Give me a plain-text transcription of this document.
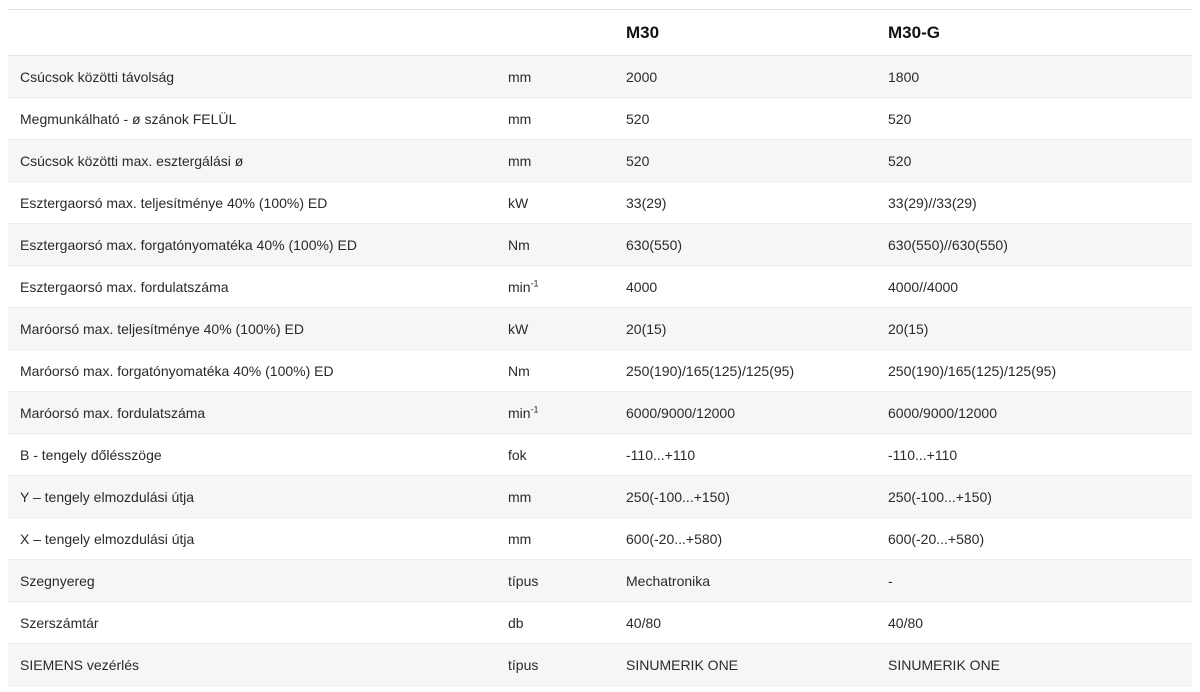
		M30	M30-G
Csúcsok közötti távolság	mm	2000	1800
Megmunkálható - ø szánok FELÜL	mm	520	520
Csúcsok közötti max. esztergálási ø	mm	520	520
Esztergaorsó max. teljesítménye 40% (100%) ED	kW	33(29)	33(29)//33(29)
Esztergaorsó max. forgatónyomatéka 40% (100%) ED	Nm	630(550)	630(550)//630(550)
Esztergaorsó max. fordulatszáma	$\min^{-1}$	4000	4000//4000
Maróorsó max. teljesítménye 40% (100%) ED	kW	20(15)	20(15)
Maróorsó max. forgatónyomatéka 40% (100%) ED	Nm	250(190)/165(125)/125(95)	250(190)/165(125)/125(95)
Maróorsó max. fordulatszáma	$\min^{-1}$	6000/9000/12000	6000/9000/12000
B - tengely dőlésszöge	fok	-110...+110	-110...+110
Y – tengely elmozdulási útja	mm	250(-100...+150)	250(-100...+150)
X – tengely elmozdulási útja	mm	600(-20...+580)	600(-20...+580)
Szegnyereg	típus	Mechatronika	-
Szerszámtár	db	40/80	40/80
SIEMENS vezérlés	típus	SINUMERIK ONE	SINUMERIK ONE
